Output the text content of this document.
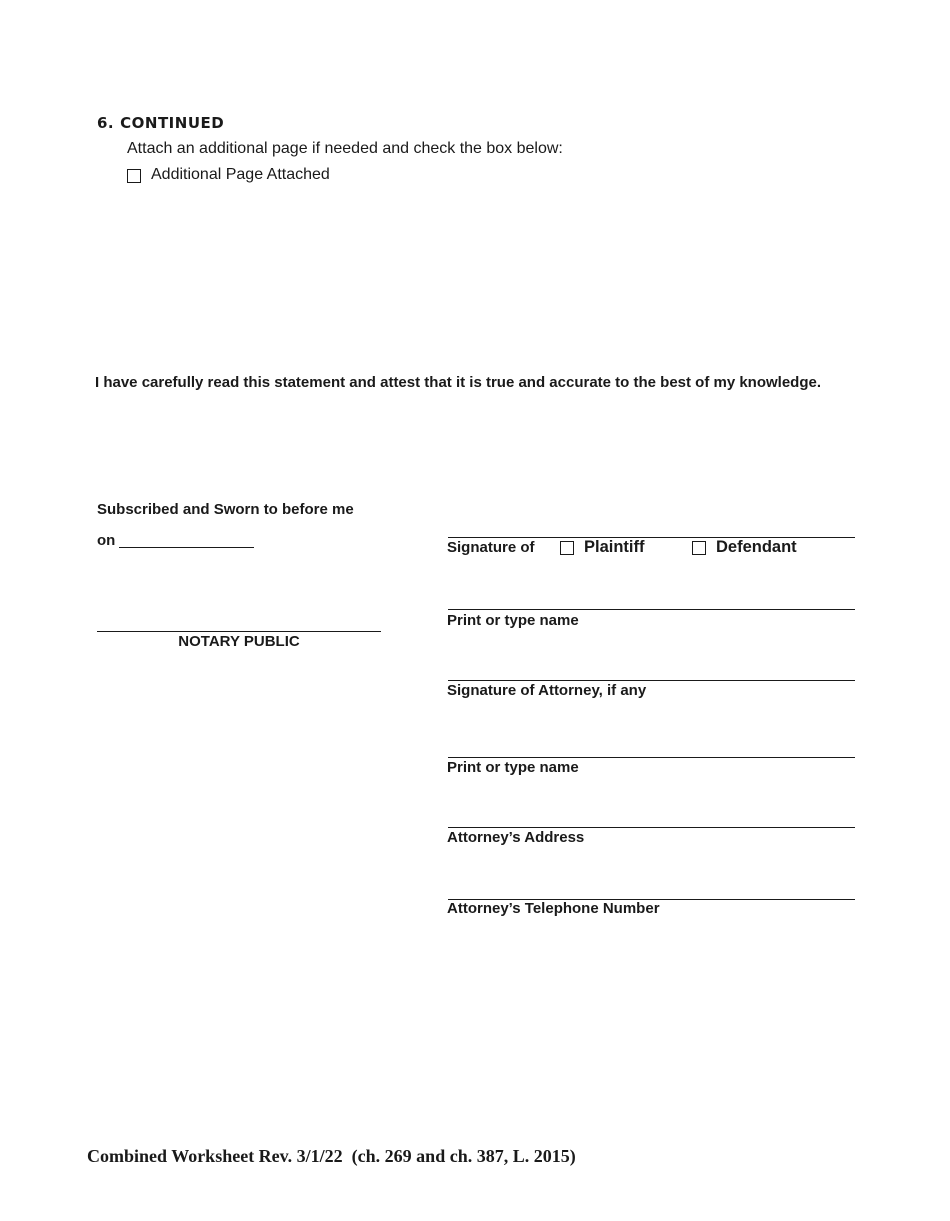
6. CONTINUED
Attach an additional page if needed and check the box below:
Additional Page Attached
I have carefully read this statement and attest that it is true and accurate to the best of my knowledge.
Subscribed and Sworn to before me
on
NOTARY PUBLIC
Signature of	Plaintiff	Defendant
Print or type name
Signature of Attorney, if any
Print or type name
Attorney’s Address
Attorney’s Telephone Number
Combined Worksheet Rev. 3/1/22  (ch. 269 and ch. 387, L. 2015)
